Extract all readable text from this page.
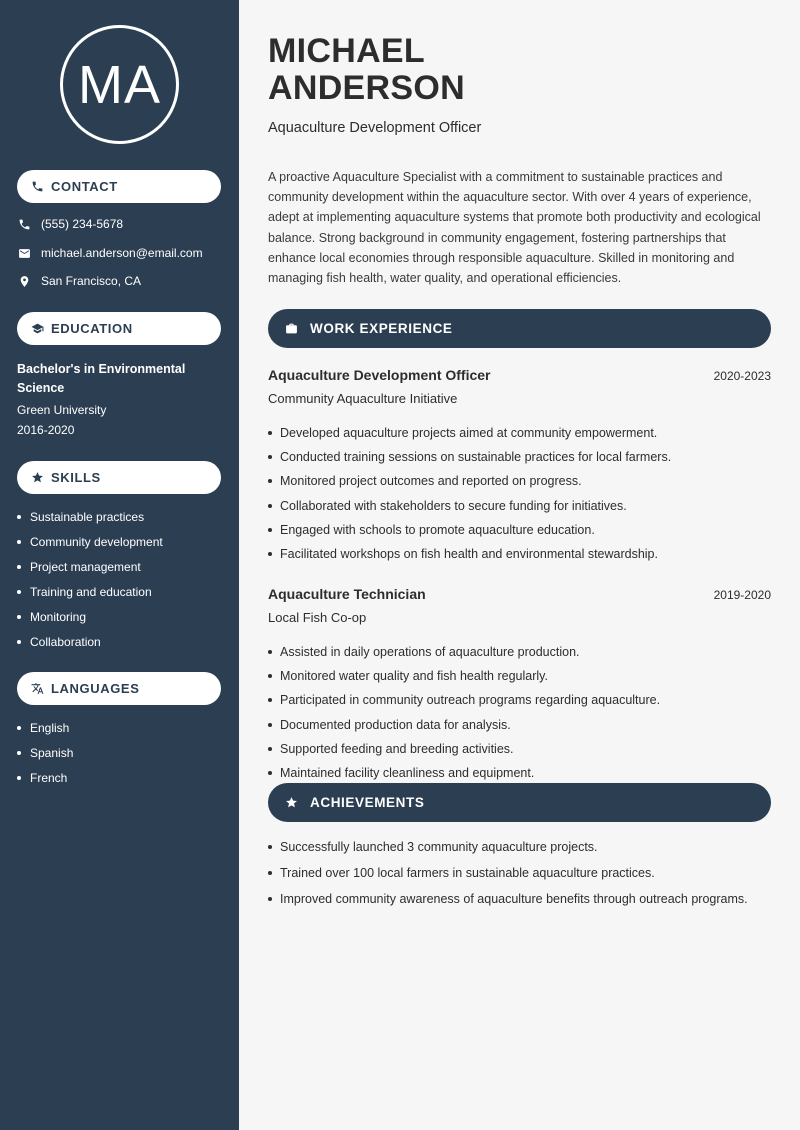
MA
CONTACT
(555) 234-5678
michael.anderson@email.com
San Francisco, CA
EDUCATION
Bachelor's in Environmental Science
Green University
2016-2020
SKILLS
Sustainable practices
Community development
Project management
Training and education
Monitoring
Collaboration
LANGUAGES
English
Spanish
French
MICHAEL
ANDERSON
Aquaculture Development Officer
A proactive Aquaculture Specialist with a commitment to sustainable practices and community development within the aquaculture sector. With over 4 years of experience, adept at implementing aquaculture systems that promote both productivity and ecological balance. Strong background in community engagement, fostering partnerships that enhance local economies through responsible aquaculture. Skilled in monitoring and managing fish health, water quality, and operational efficiencies.
WORK EXPERIENCE
Aquaculture Development Officer	2020-2023
Community Aquaculture Initiative
Developed aquaculture projects aimed at community empowerment.
Conducted training sessions on sustainable practices for local farmers.
Monitored project outcomes and reported on progress.
Collaborated with stakeholders to secure funding for initiatives.
Engaged with schools to promote aquaculture education.
Facilitated workshops on fish health and environmental stewardship.
Aquaculture Technician	2019-2020
Local Fish Co-op
Assisted in daily operations of aquaculture production.
Monitored water quality and fish health regularly.
Participated in community outreach programs regarding aquaculture.
Documented production data for analysis.
Supported feeding and breeding activities.
Maintained facility cleanliness and equipment.
ACHIEVEMENTS
Successfully launched 3 community aquaculture projects.
Trained over 100 local farmers in sustainable aquaculture practices.
Improved community awareness of aquaculture benefits through outreach programs.
